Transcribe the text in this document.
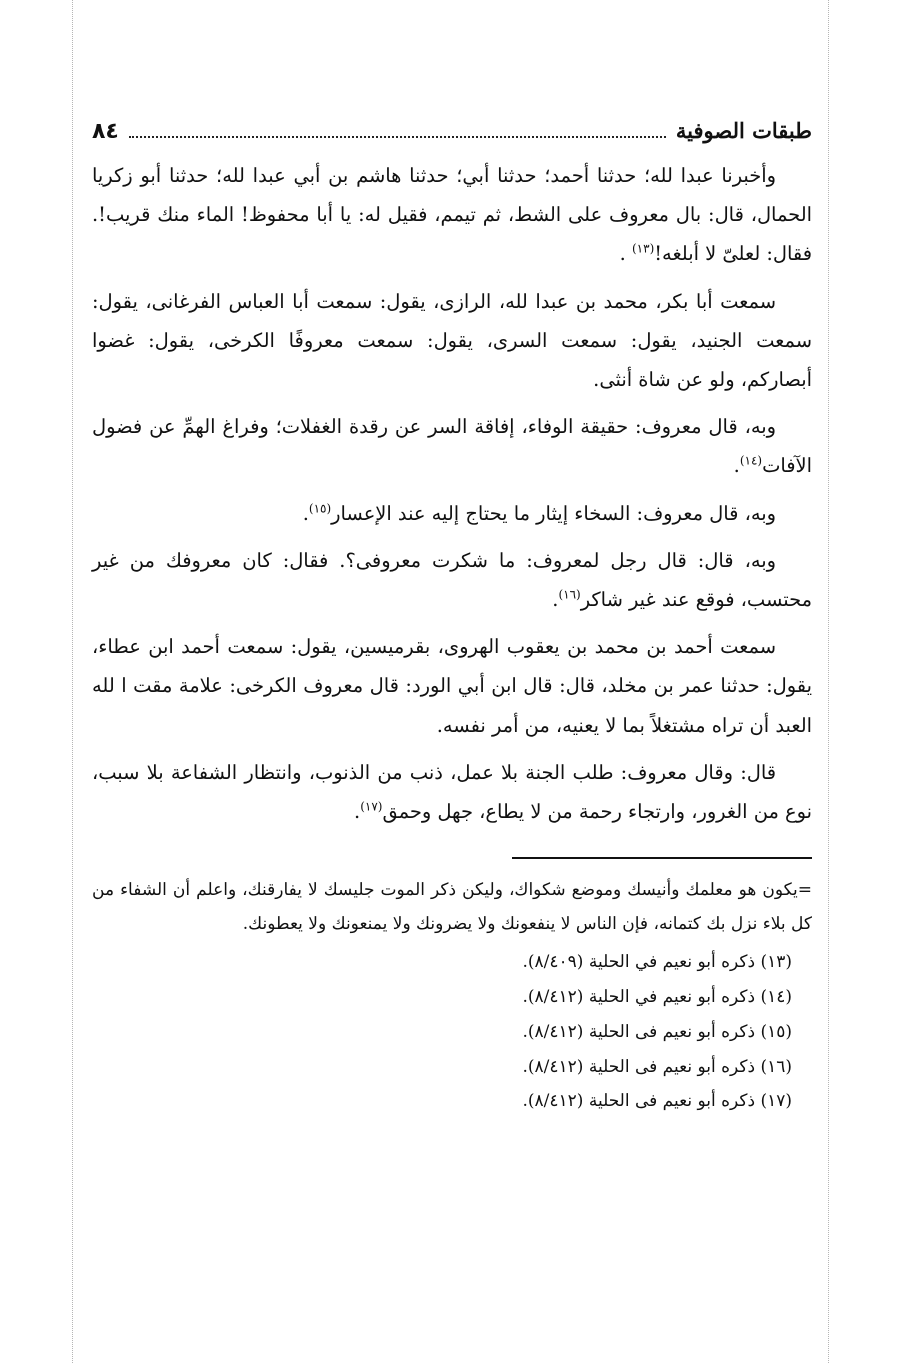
طبقات الصوفية
٨٤

وأخبرنا عبدا لله؛ حدثنا أحمد؛ حدثنا أبي؛ حدثنا هاشم بن أبي عبدا لله؛ حدثنا أبو زكريا الحمال، قال: بال معروف على الشط، ثم تيمم، فقيل له: يا أبا محفوظ! الماء منك قريب!. فقال: لعلىّ لا أبلغه!$^{(١٣)}$ .

سمعت أبا بكر، محمد بن عبدا لله، الرازى، يقول: سمعت أبا العباس الفرغانى، يقول: سمعت الجنيد، يقول: سمعت السرى، يقول: سمعت معروفًا الكرخى، يقول: غضوا أبصاركم، ولو عن شاة أنثى.

وبه، قال معروف: حقيقة الوفاء، إفاقة السر عن رقدة الغفلات؛ وفراغ الهمِّ عن فضول الآفات$^{(١٤)}$.

وبه، قال معروف: السخاء إيثار ما يحتاج إليه عند الإعسار$^{(١٥)}$.

وبه، قال: قال رجل لمعروف: ما شكرت معروفى؟. فقال: كان معروفك من غير محتسب، فوقع عند غير شاكر$^{(١٦)}$.

سمعت أحمد بن محمد بن يعقوب الهروى، بقرميسين، يقول: سمعت أحمد ابن عطاء، يقول: حدثنا عمر بن مخلد، قال: قال ابن أبي الورد: قال معروف الكرخى: علامة مقت ا لله العبد أن تراه مشتغلاً بما لا يعنيه، من أمر نفسه.

قال: وقال معروف: طلب الجنة بلا عمل، ذنب من الذنوب، وانتظار الشفاعة بلا سبب، نوع من الغرور، وارتجاء رحمة من لا يطاع، جهل وحمق$^{(١٧)}$.

=يكون هو معلمك وأنيسك وموضع شكواك، وليكن ذكر الموت جليسك لا يفارقنك، واعلم أن الشفاء من كل بلاء نزل بك كتمانه، فإن الناس لا ينفعونك ولا يضرونك ولا يمنعونك ولا يعطونك.

(١٣) ذكره أبو نعيم في الحلية (٨/٤٠٩).
(١٤) ذكره أبو نعيم في الحلية (٨/٤١٢).
(١٥) ذكره أبو نعيم فى الحلية (٨/٤١٢).
(١٦) ذكره أبو نعيم فى الحلية (٨/٤١٢).
(١٧) ذكره أبو نعيم فى الحلية (٨/٤١٢).
